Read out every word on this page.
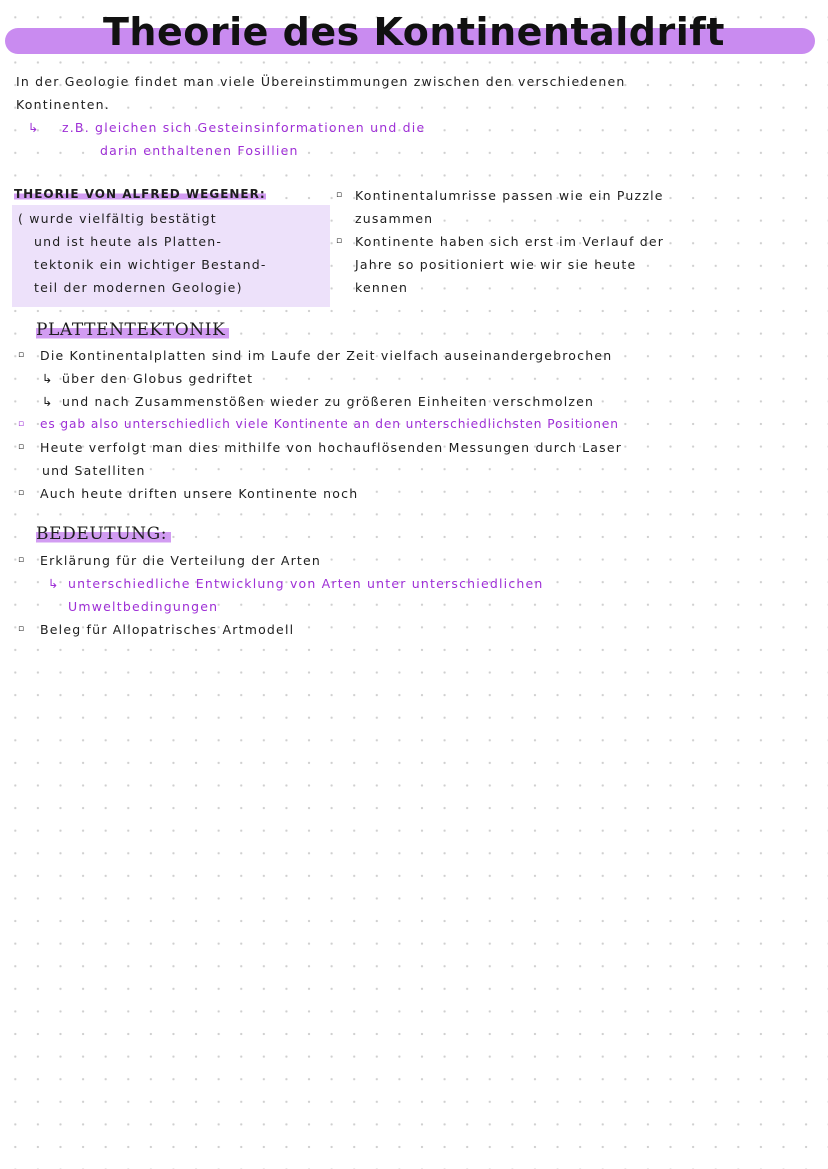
Theorie des Kontinentaldrift
In der Geologie findet man viele Übereinstimmungen zwischen den verschiedenen
Kontinenten.
↳ z.B. gleichen sich Gesteinsinformationen und die
darin enthaltenen Fosillien
THEORIE VON ALFRED WEGENER:
( wurde vielfältig bestätigt
und ist heute als Platten-
tektonik ein wichtiger Bestand-
teil der modernen Geologie)
▫ Kontinentalumrisse passen wie ein Puzzle
zusammen
▫ Kontinente haben sich erst im Verlauf der
Jahre so positioniert wie wir sie heute
kennen
PLATTENTEKTONIK
▫ Die Kontinentalplatten sind im Laufe der Zeit vielfach auseinandergebrochen
↳ über den Globus gedriftet
↳ und nach Zusammenstößen wieder zu größeren Einheiten verschmolzen
▫ es gab also unterschiedlich viele Kontinente an den unterschiedlichsten Positionen
▫ Heute verfolgt man dies mithilfe von hochauflösenden Messungen durch Laser
und Satelliten
▫ Auch heute driften unsere Kontinente noch
BEDEUTUNG:
▫ Erklärung für die Verteilung der Arten
↳ unterschiedliche Entwicklung von Arten unter unterschiedlichen
Umweltbedingungen
▫ Beleg für Allopatrisches Artmodell
